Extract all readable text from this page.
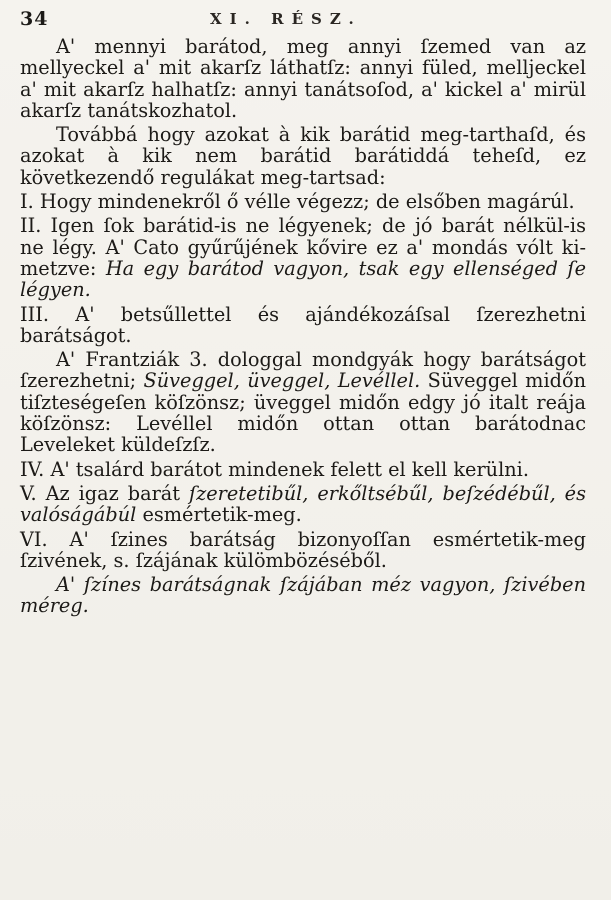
34	XI. RÉSZ.

A' mennyi barátod, meg annyi ſzemed van az mellyeckel a' mit akarſz láthatſz: annyi füled, melljeckel a' mit akarſz halhatſz: annyi tanátsoſod, a' kickel a' mirül akarſz tanátskozhatol.

Továbbá hogy azokat à kik barátid meg-tarthaſd, és azokat à kik nem barátid barátiddá teheſd, ez következendő regulákat meg-tartsad:

I. Hogy mindenekről ő vélle végezz; de elsőben magárúl.

II. Igen ſok barátid-is ne légyenek; de jó barát nélkül-is ne légy. A' Cato gyűrűjének kővire ez a' mondás vólt ki-metzve: Ha egy barátod vagyon, tsak egy ellenséged ſe légyen.

III. A' betsűllettel és ajándékozáſsal ſzerezhetni barátságot.

A' Frantziák 3. dologgal mondgyák hogy barátságot ſzerezhetni; Süveggel, üveggel, Levéllel. Süveggel midőn tiſzteségeſen köſzönsz; üveggel midőn edgy jó italt reája köſzönsz: Levéllel midőn ottan ottan barátodnac Leveleket küldeſzſz.

IV. A' tsalárd barátot mindenek felett el kell kerülni.

V. Az igaz barát ſzeretetibűl, erkőltsébűl, beſzédébűl, és valóságábúl esmértetik-meg.

VI. A' ſzines barátság bizonyoſſan esmértetik-meg ſzivének, s. ſzájának külömbözéséből.

A' ſzínes barátságnak ſzájában méz vagyon, ſzivében méreg.
